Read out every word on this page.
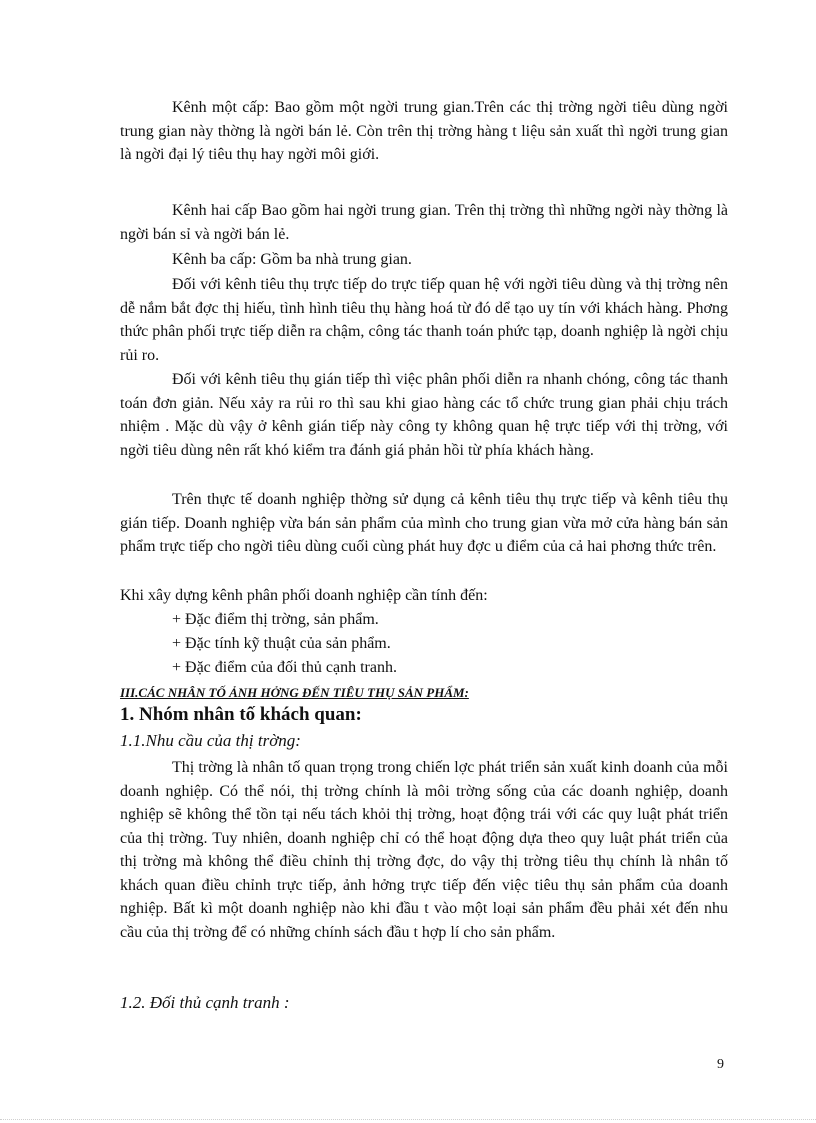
Kênh một cấp: Bao gồm một ngời trung gian.Trên các thị trờng ngời tiêu dùng ngời trung gian này thờng là ngời bán lẻ. Còn trên thị trờng hàng t liệu sản xuất thì ngời trung gian là ngời đại lý tiêu thụ hay ngời môi giới.
Kênh hai cấp Bao gồm hai ngời trung gian. Trên thị trờng thì những ngời này thờng là ngời bán sỉ và ngời bán lẻ.
Kênh ba cấp: Gồm ba nhà trung gian.
Đối với kênh tiêu thụ trực tiếp do trực tiếp quan hệ với ngời tiêu dùng và thị trờng nên dễ nắm bắt đợc thị hiếu, tình hình tiêu thụ hàng hoá từ đó dể tạo uy tín với khách hàng. Phơng thức phân phối trực tiếp diễn ra chậm, công tác thanh toán phức tạp, doanh nghiệp là ngời chịu rủi ro.
Đối với kênh tiêu thụ gián tiếp thì việc phân phối diễn ra nhanh chóng, công tác thanh toán đơn giản. Nếu xảy ra rủi ro thì sau khi giao hàng các tổ chức trung gian phải chịu trách nhiệm . Mặc dù vậy ở kênh gián tiếp này công ty không quan hệ trực tiếp với thị trờng, với ngời tiêu dùng nên rất khó kiểm tra đánh giá phản hồi từ phía khách hàng.
Trên thực tế doanh nghiệp thờng sử dụng cả kênh tiêu thụ trực tiếp và kênh tiêu thụ gián tiếp. Doanh nghiệp vừa bán sản phẩm của mình cho trung gian vừa mở cửa hàng bán sản phẩm trực tiếp cho ngời tiêu dùng cuối cùng phát huy đợc u điểm của cả hai phơng thức trên.
Khi xây dựng kênh phân phối doanh nghiệp cần tính đến:
+ Đặc điểm thị trờng, sản phẩm.
+ Đặc tính kỹ thuật của sản phẩm.
+ Đặc điểm của đối thủ cạnh tranh.
III.CÁC NHÂN TỐ ẢNH HỞNG ĐẾN TIÊU THỤ SẢN PHẨM:
1. Nhóm nhân tố khách quan:
1.1.Nhu cầu của thị trờng:
Thị trờng là nhân tố quan trọng trong chiến lợc phát triển sản xuất kinh doanh của mỗi doanh nghiệp. Có thể nói, thị trờng chính là môi trờng sống của các doanh nghiệp, doanh nghiệp sẽ không thể tồn tại nếu tách khỏi thị trờng, hoạt động trái với các quy luật phát triển của thị trờng. Tuy nhiên, doanh nghiệp chỉ có thể hoạt động dựa theo quy luật phát triển của thị trờng mà không thể điều chỉnh thị trờng đợc, do vậy thị trờng tiêu thụ chính là nhân tố khách quan điều chỉnh trực tiếp, ảnh hởng trực tiếp đến việc tiêu thụ sản phẩm của doanh nghiệp. Bất kì một doanh nghiệp nào khi đầu t vào một loại sản phẩm đều phải xét đến nhu cầu của thị trờng để có những chính sách đầu t hợp lí cho sản phẩm.
1.2. Đối thủ cạnh tranh :
9
